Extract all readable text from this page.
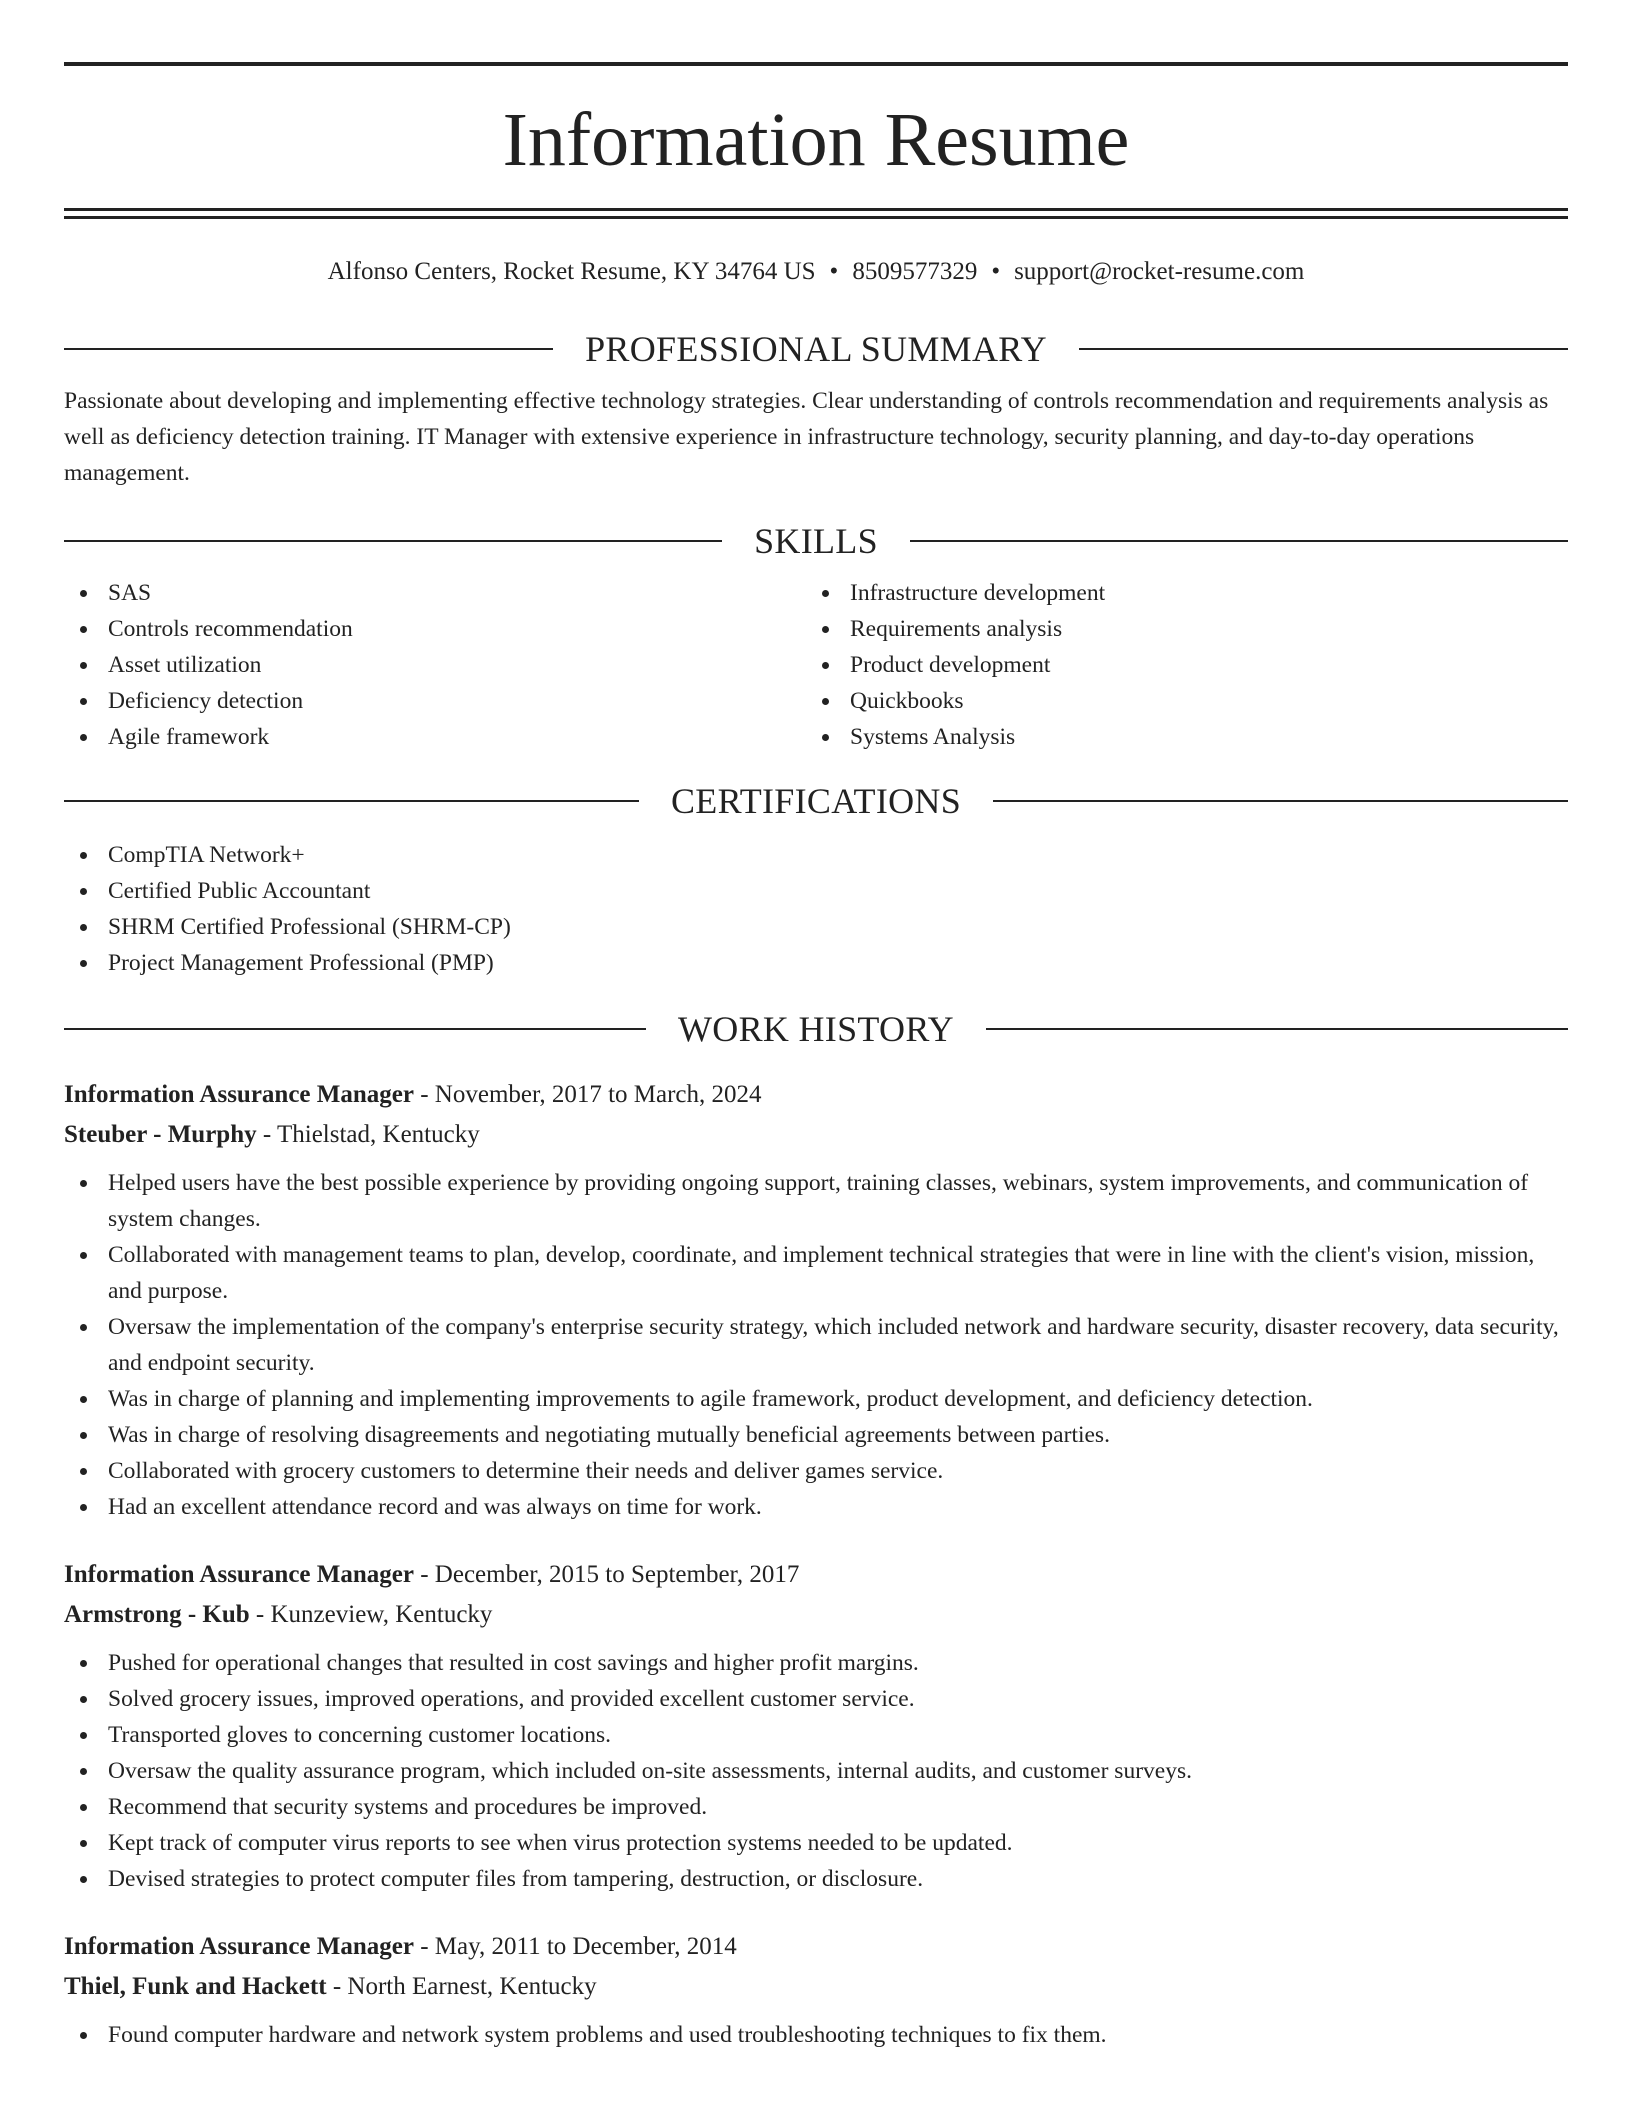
Information Resume
Alfonso Centers, Rocket Resume, KY 34764 US • 8509577329 • support@rocket-resume.com
PROFESSIONAL SUMMARY
Passionate about developing and implementing effective technology strategies. Clear understanding of controls recommendation and requirements analysis as well as deficiency detection training. IT Manager with extensive experience in infrastructure technology, security planning, and day-to-day operations management.
SKILLS
SAS
Controls recommendation
Asset utilization
Deficiency detection
Agile framework
Infrastructure development
Requirements analysis
Product development
Quickbooks
Systems Analysis
CERTIFICATIONS
CompTIA Network+
Certified Public Accountant
SHRM Certified Professional (SHRM-CP)
Project Management Professional (PMP)
WORK HISTORY
Information Assurance Manager - November, 2017 to March, 2024
Steuber - Murphy - Thielstad, Kentucky
Helped users have the best possible experience by providing ongoing support, training classes, webinars, system improvements, and communication of system changes.
Collaborated with management teams to plan, develop, coordinate, and implement technical strategies that were in line with the client's vision, mission, and purpose.
Oversaw the implementation of the company's enterprise security strategy, which included network and hardware security, disaster recovery, data security, and endpoint security.
Was in charge of planning and implementing improvements to agile framework, product development, and deficiency detection.
Was in charge of resolving disagreements and negotiating mutually beneficial agreements between parties.
Collaborated with grocery customers to determine their needs and deliver games service.
Had an excellent attendance record and was always on time for work.
Information Assurance Manager - December, 2015 to September, 2017
Armstrong - Kub - Kunzeview, Kentucky
Pushed for operational changes that resulted in cost savings and higher profit margins.
Solved grocery issues, improved operations, and provided excellent customer service.
Transported gloves to concerning customer locations.
Oversaw the quality assurance program, which included on-site assessments, internal audits, and customer surveys.
Recommend that security systems and procedures be improved.
Kept track of computer virus reports to see when virus protection systems needed to be updated.
Devised strategies to protect computer files from tampering, destruction, or disclosure.
Information Assurance Manager - May, 2011 to December, 2014
Thiel, Funk and Hackett - North Earnest, Kentucky
Found computer hardware and network system problems and used troubleshooting techniques to fix them.
